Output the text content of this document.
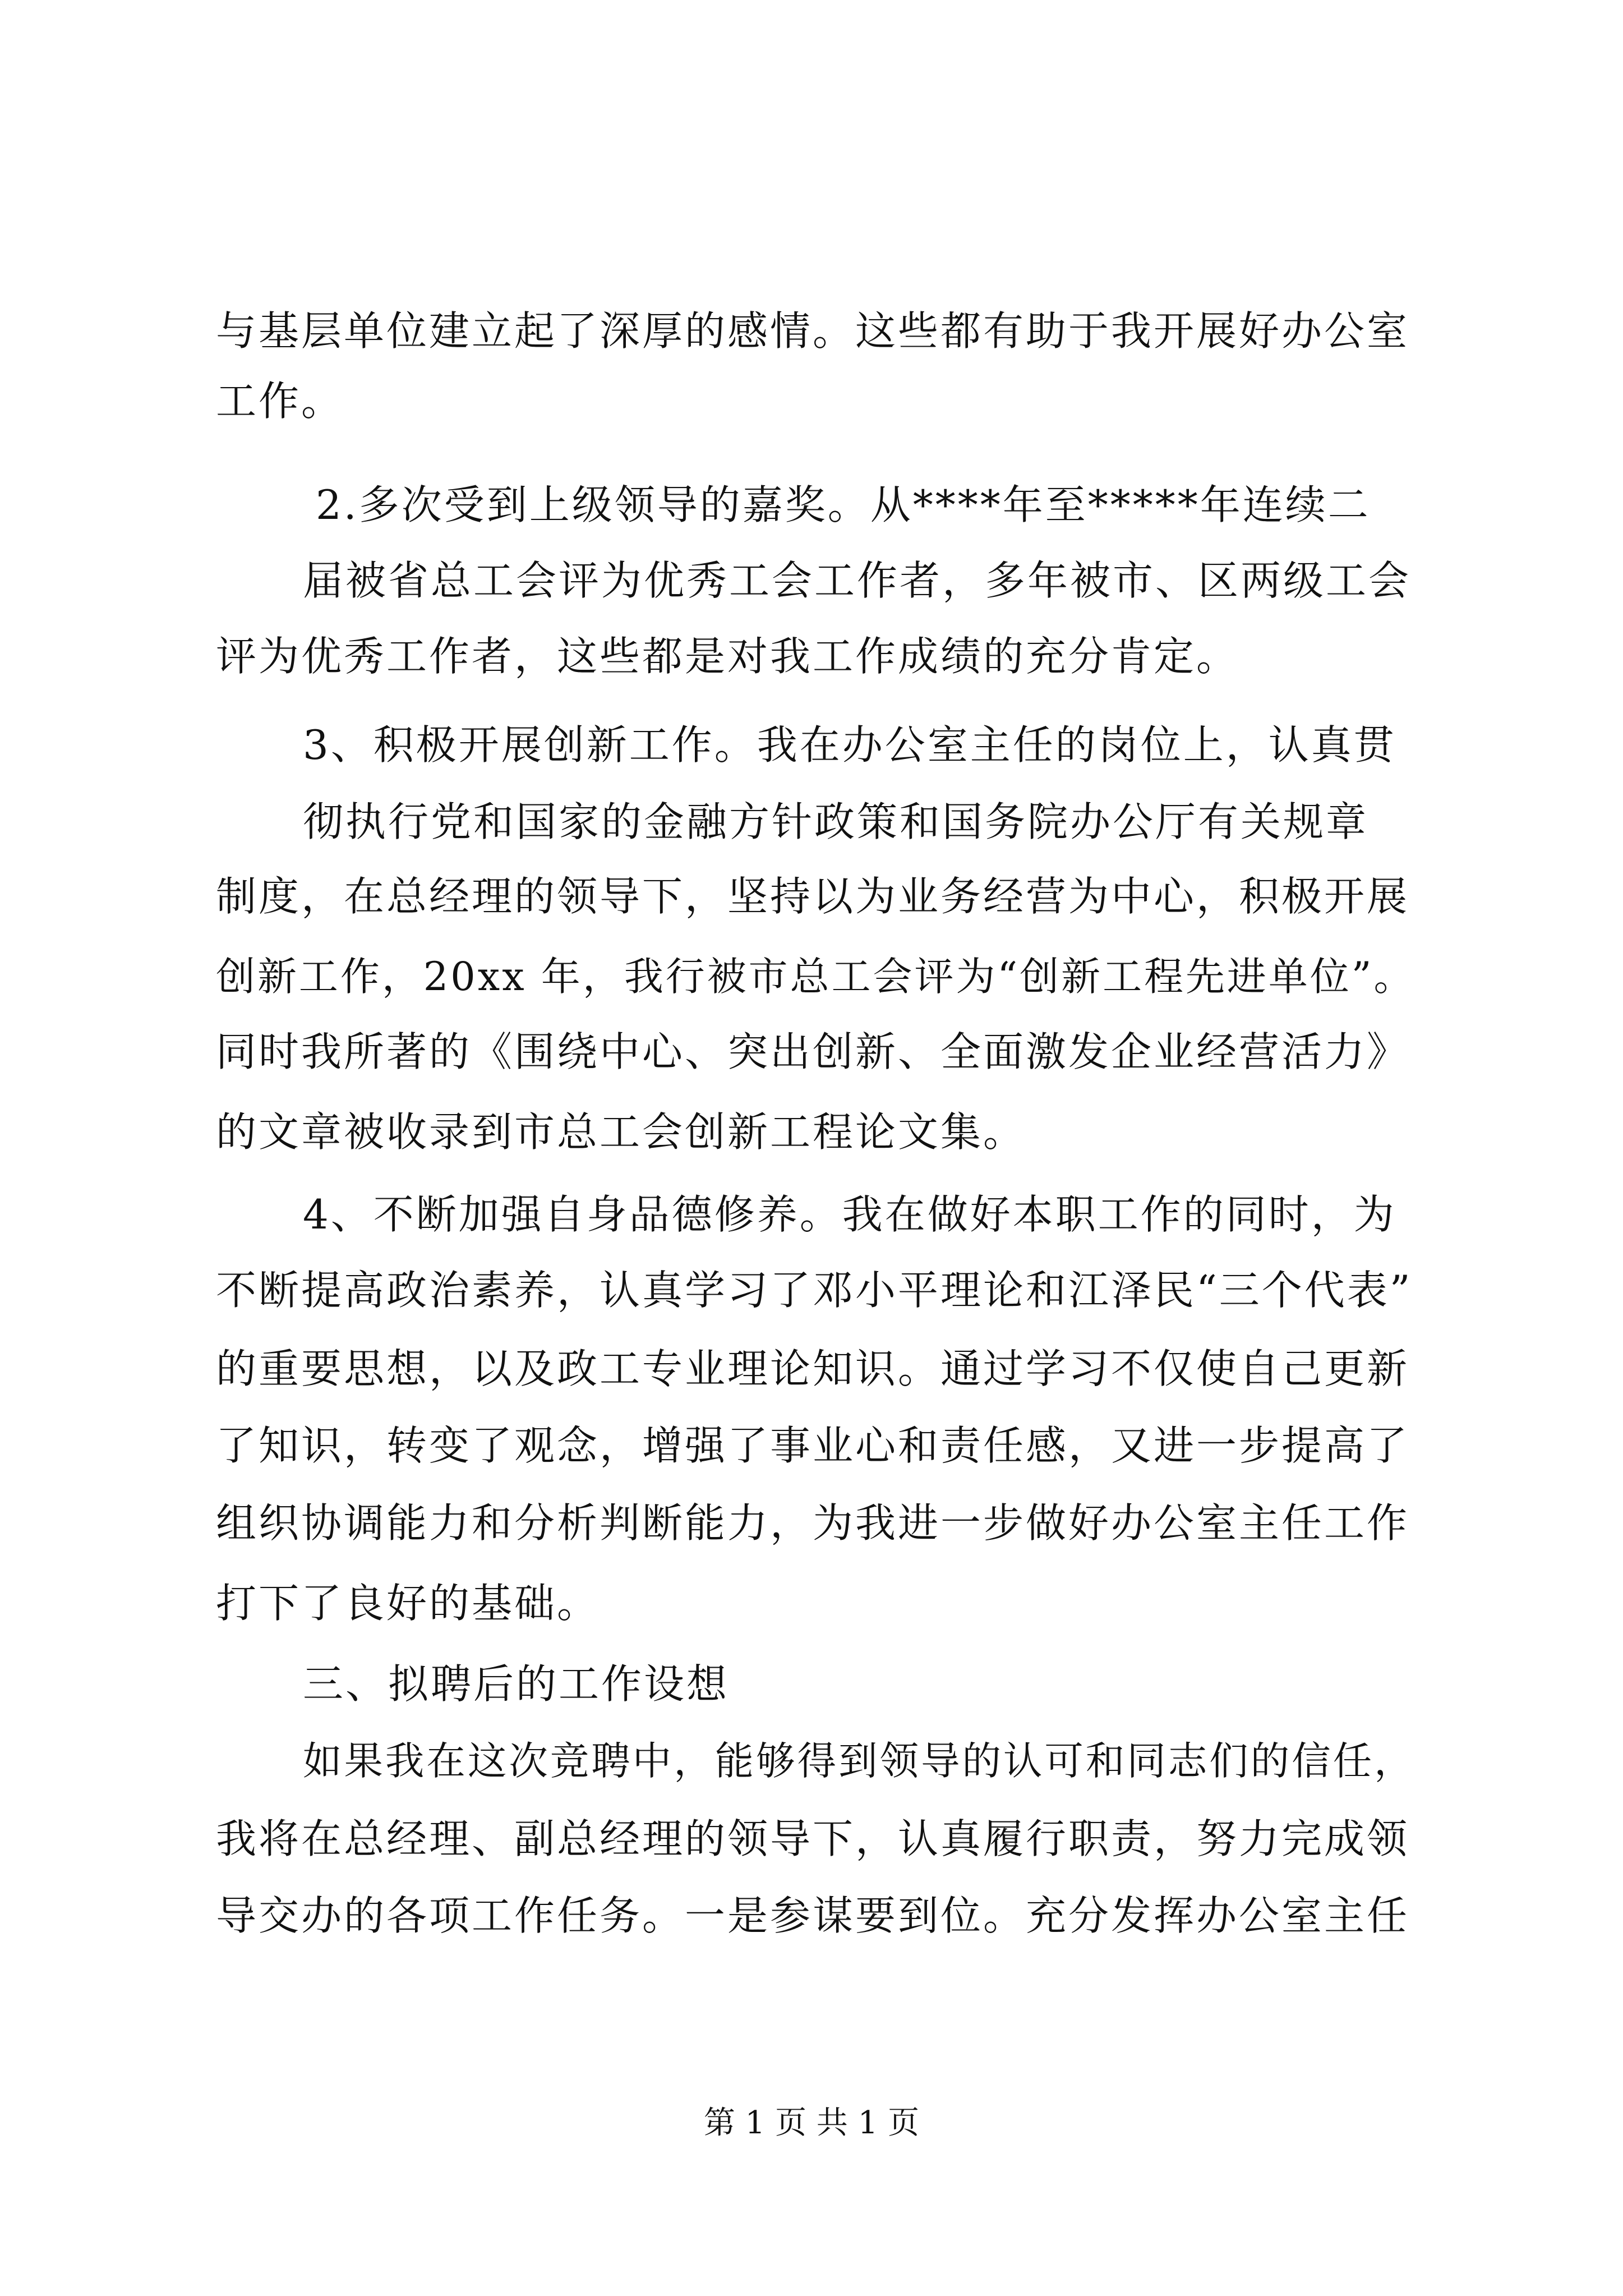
与基层单位建立起了深厚的感情。这些都有助于我开展好办公室
工作。
2.多次受到上级领导的嘉奖。从****年至*****年连续二
届被省总工会评为优秀工会工作者，多年被市、区两级工会
评为优秀工作者，这些都是对我工作成绩的充分肯定。
3、积极开展创新工作。我在办公室主任的岗位上，认真贯
彻执行党和国家的金融方针政策和国务院办公厅有关规章
制度，在总经理的领导下，坚持以为业务经营为中心，积极开展
创新工作，20xx 年，我行被市总工会评为“创新工程先进单位”。
同时我所著的《围绕中心、突出创新、全面激发企业经营活力》
的文章被收录到市总工会创新工程论文集。
4、不断加强自身品德修养。我在做好本职工作的同时，为
不断提高政治素养，认真学习了邓小平理论和江泽民“三个代表”
的重要思想，以及政工专业理论知识。通过学习不仅使自己更新
了知识，转变了观念，增强了事业心和责任感，又进一步提高了
组织协调能力和分析判断能力，为我进一步做好办公室主任工作
打下了良好的基础。
三、拟聘后的工作设想
如果我在这次竞聘中，能够得到领导的认可和同志们的信任，
我将在总经理、副总经理的领导下，认真履行职责，努力完成领
导交办的各项工作任务。一是参谋要到位。充分发挥办公室主任
第 1 页 共 1 页
